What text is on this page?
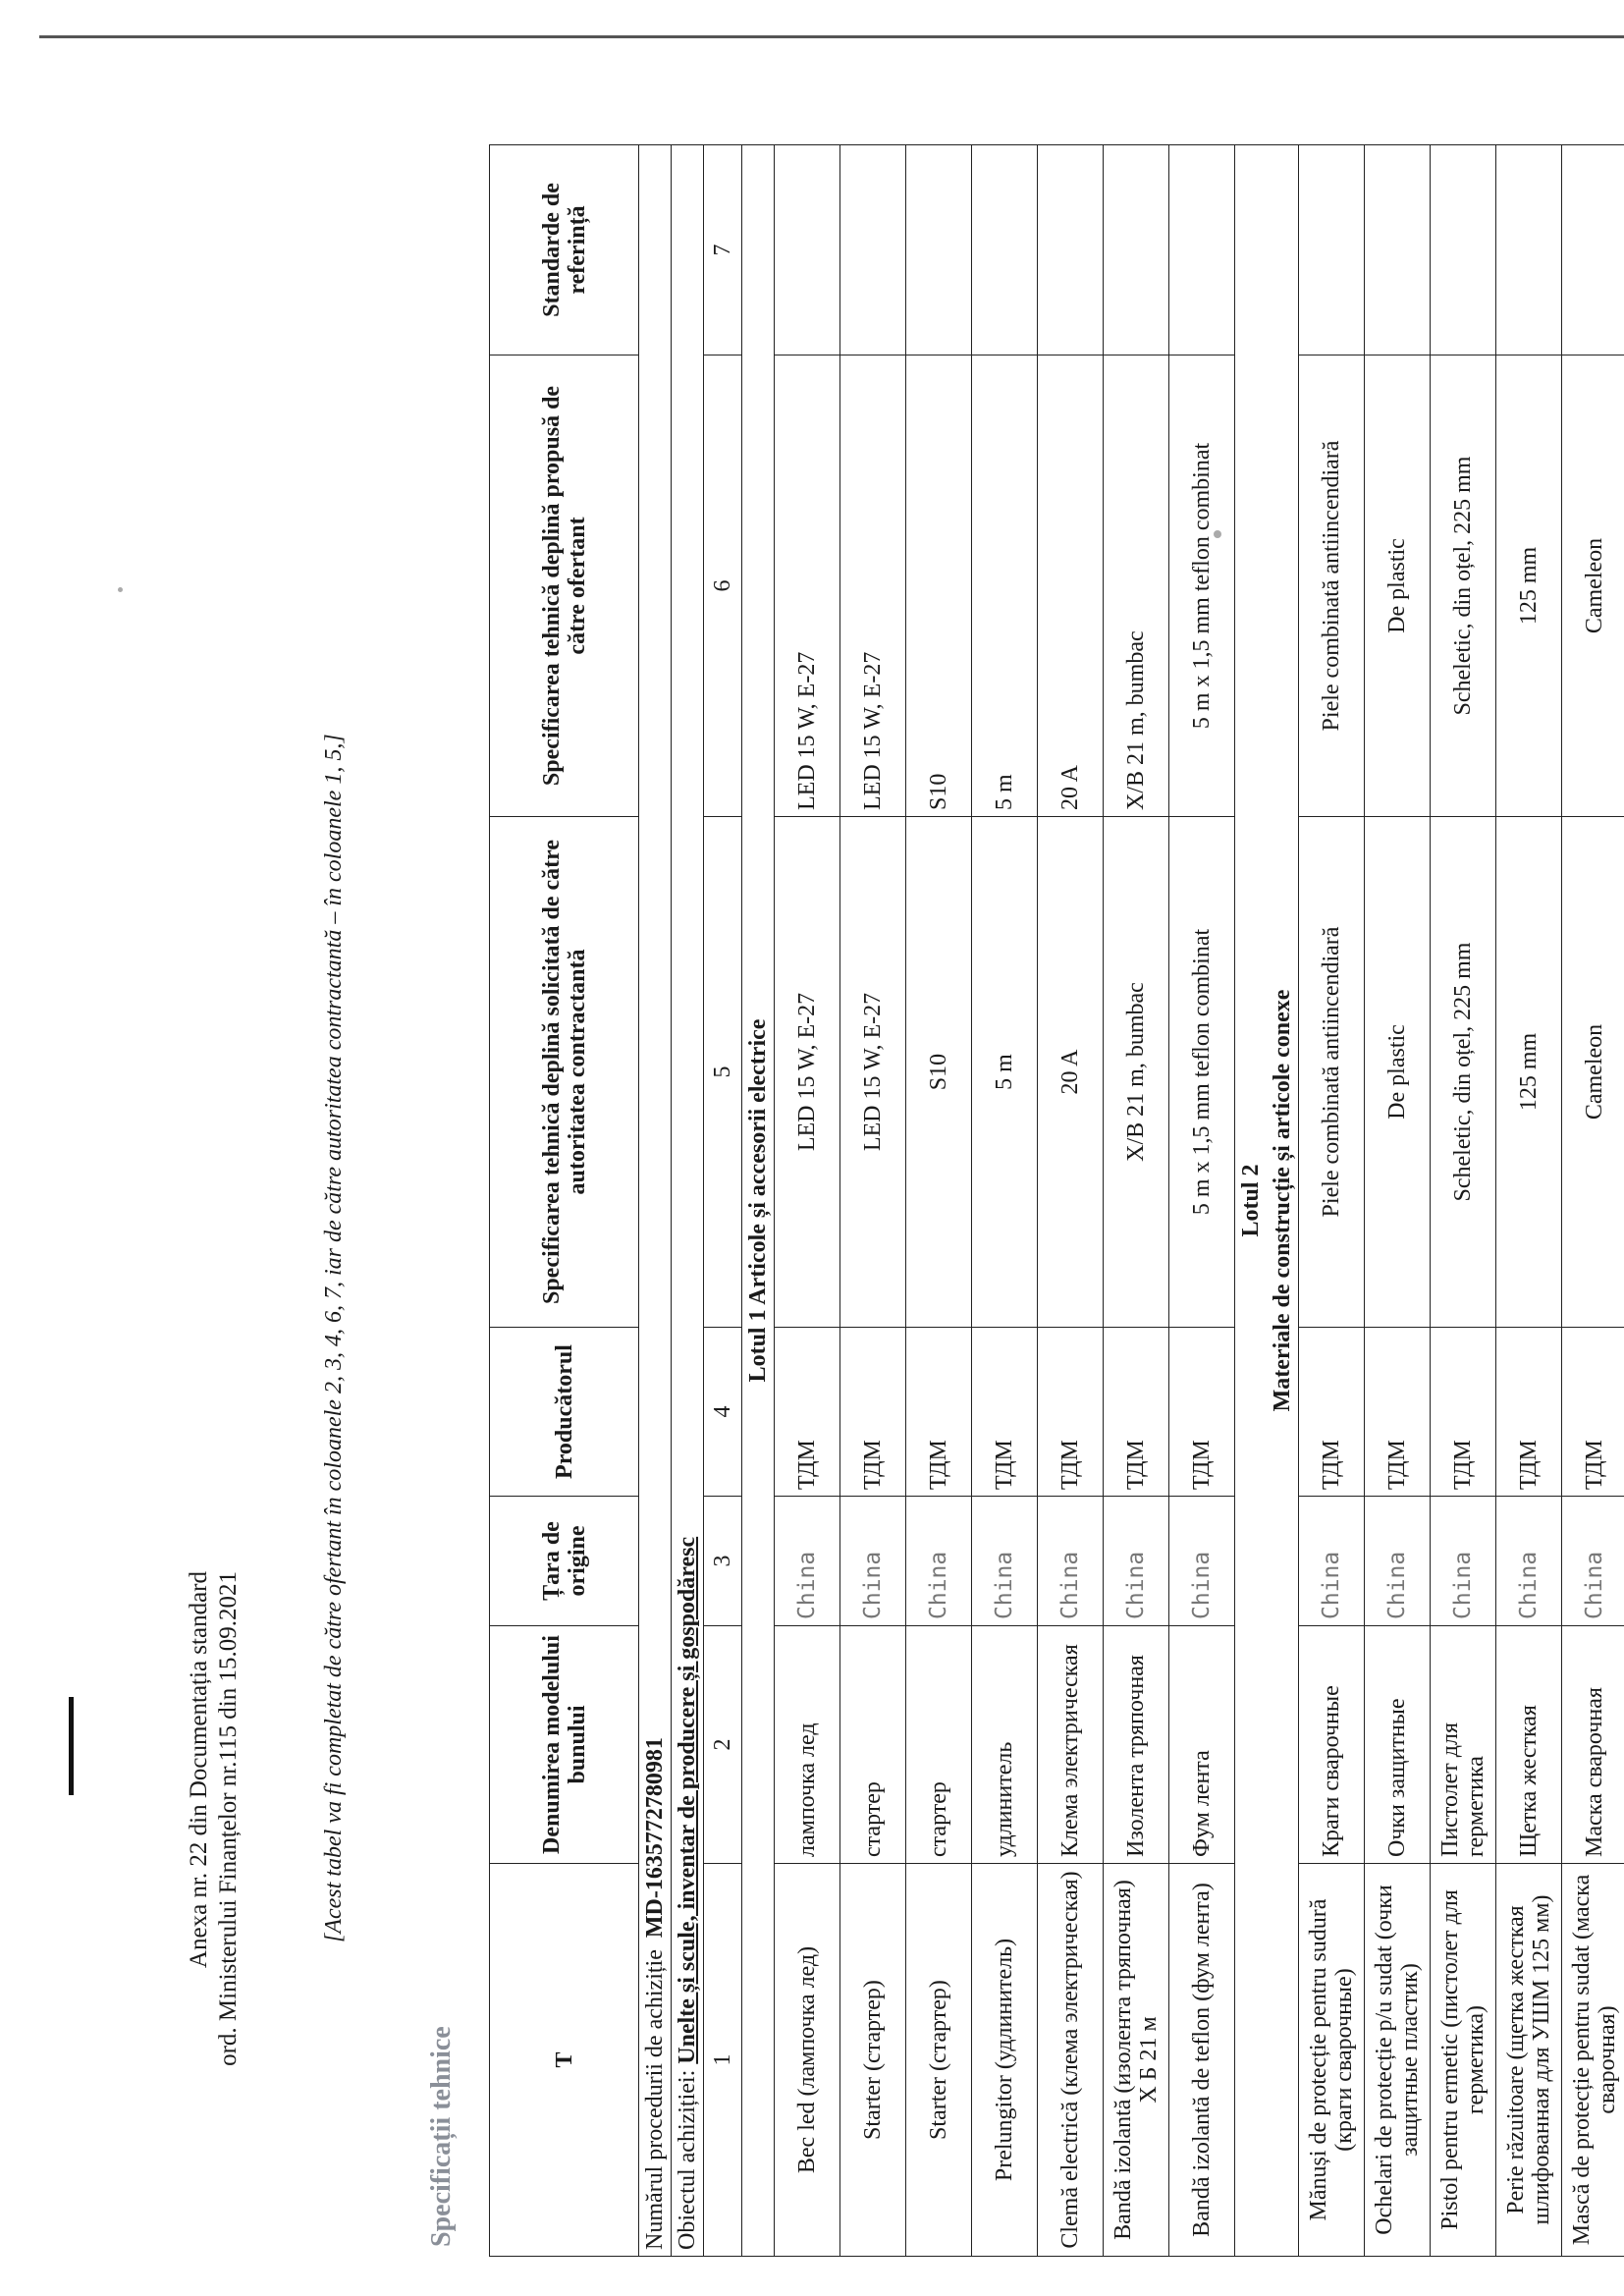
Anexa nr. 22 din Documentația standard ord. Ministerului Finanțelor nr.115 din 15.09.2021	[Acest tabel va fi completat de către ofertant în coloanele 2, 3, 4, 6, 7, iar de către autoritatea contractantă – în coloanele 1, 5,]
Specificații tehnice	Numărul procedurii de achiziție  MD-1635772780981						
Obiectul achiziției: Unelte și scule, inventar de producere și gospodăresc						
T	Denumirea modelului bunului	Țara de origine	Producătorul	Specificarea tehnică deplină solicitată de către autoritatea contractantă	Specificarea tehnică deplină propusă de către ofertant	Standarde de referință
1	2	3	4	5	6	7
Lotul 1 Articole și accesorii electrice						
Bec led (лампочка лед)	лампочка лед	China	ТДМ	LED 15 W, E-27	LED 15 W, E-27	
Starter (стартер)	стартер	China	ТДМ	LED 15 W, E-27	LED 15 W, E-27	
Starter (стартер)	стартер	China	ТДМ	S10	S10	
Prelungitor (удлинитель)	удлинитель	China	ТДМ	5 m	5 m	
Clemă electrică (клема электрическая)	Клема электрическая	China	ТДМ	20 A	20 A	
Bandă izolantă (изолента тряпочная) Х Б 21 м	Изолента тряпочная	China	ТДМ	X/B 21 m, bumbac	X/B 21 m, bumbac	
Bandă izolantă de teflon (фум лента)	Фум лента	China	ТДМ	5 m x 1,5 mm teflon combinat	5 m x 1,5 mm teflon combinat	
Lotul 2						
Materiale de construcție și articole conexe						
Mănuși de protecție pentru sudură (краги сварочные)	Краги сварочные	China	ТДМ	Piele combinată antiincendiară	Piele combinată antiincendiară	
Ochelari de protecție p/u sudat (очки защитные пластик)	Очки защитные	China	ТДМ	De plastic	De plastic	
Pistol pentru ermetic (пистолет для герметика)	Пистолет для герметика	China	ТДМ	Scheletic, din oțel, 225 mm	Scheletic, din oțel, 225 mm	
Perie răzuitoare (щетка жесткая шлифованная для УШМ 125 мм)	Щетка жесткая	China	ТДМ	125 mm	125 mm	
Mască de protecție pentru sudat (маска сварочная)	Маска сварочная	China	ТДМ	Cameleon	Cameleon	
